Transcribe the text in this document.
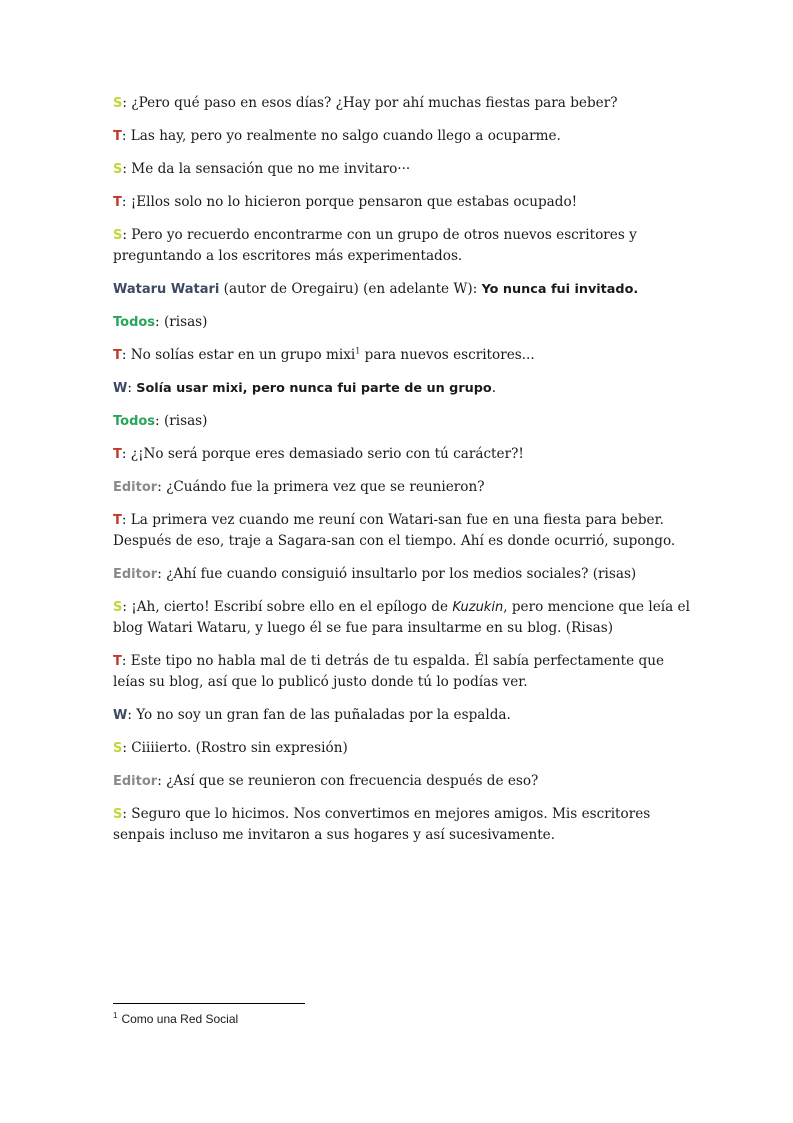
S: ¿Pero qué paso en esos días? ¿Hay por ahí muchas fiestas para beber?

T: Las hay, pero yo realmente no salgo cuando llego a ocuparme.

S: Me da la sensación que no me invitaro···

T: ¡Ellos solo no lo hicieron porque pensaron que estabas ocupado!

S: Pero yo recuerdo encontrarme con un grupo de otros nuevos escritores y preguntando a los escritores más experimentados.

Wataru Watari (autor de Oregairu) (en adelante W): Yo nunca fui invitado.

Todos: (risas)

T: No solías estar en un grupo mixi$^1$ para nuevos escritores...

W: Solía usar mixi, pero nunca fui parte de un grupo.

Todos: (risas)

T: ¿¡No será porque eres demasiado serio con tú carácter?!

Editor: ¿Cuándo fue la primera vez que se reunieron?

T: La primera vez cuando me reuní con Watari-san fue en una fiesta para beber. Después de eso, traje a Sagara-san con el tiempo. Ahí es donde ocurrió, supongo.

Editor: ¿Ahí fue cuando consiguió insultarlo por los medios sociales? (risas)

S: ¡Ah, cierto! Escribí sobre ello en el epílogo de Kuzukin, pero mencione que leía el blog Watari Wataru, y luego él se fue para insultarme en su blog. (Risas)

T: Este tipo no habla mal de ti detrás de tu espalda. Él sabía perfectamente que leías su blog, así que lo publicó justo donde tú lo podías ver.

W: Yo no soy un gran fan de las puñaladas por la espalda.

S: Ciiiierto. (Rostro sin expresión)

Editor: ¿Así que se reunieron con frecuencia después de eso?

S: Seguro que lo hicimos. Nos convertimos en mejores amigos. Mis escritores senpais incluso me invitaron a sus hogares y así sucesivamente.

$^1$ Como una Red Social
